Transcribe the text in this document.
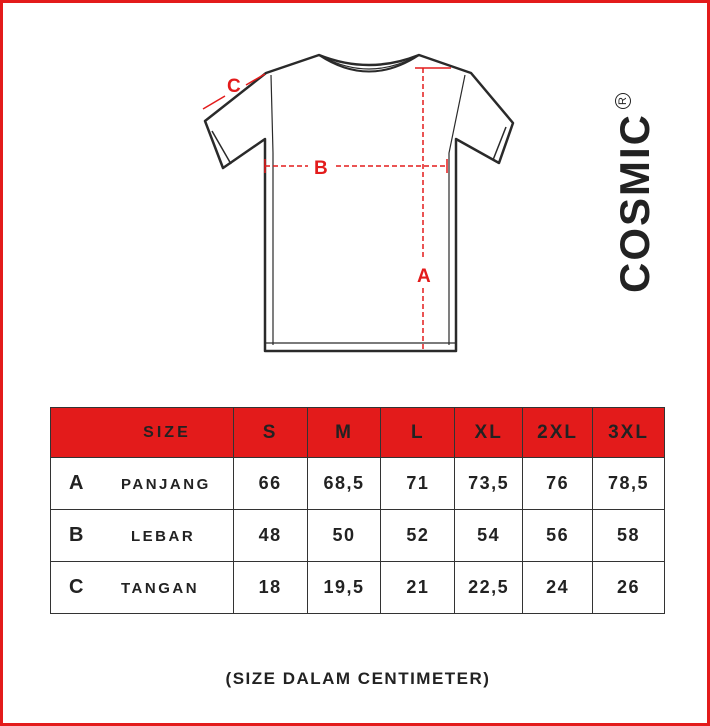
A
B
C
COSMICR
SIZE	S	M	L	XL	2XL	3XL
A PANJANG	66	68,5	71	73,5	76	78,5
B LEBAR	48	50	52	54	56	58
C TANGAN	18	19,5	21	22,5	24	26
(SIZE DALAM CENTIMETER)
